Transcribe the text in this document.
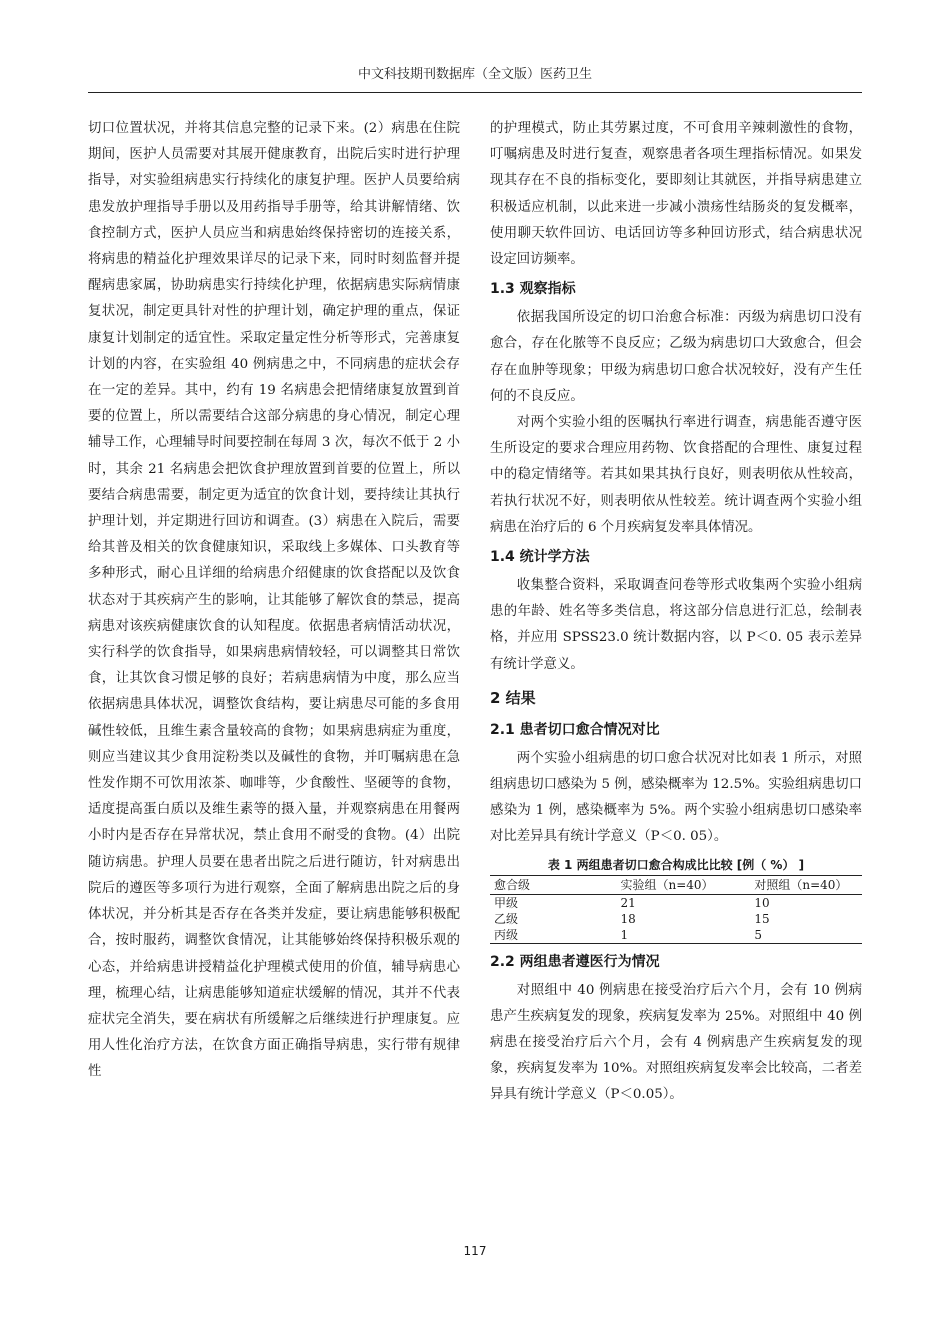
中文科技期刊数据库（全文版）医药卫生

切口位置状况，并将其信息完整的记录下来。(2）病患在住院期间，医护人员需要对其展开健康教育，出院后实时进行护理指导，对实验组病患实行持续化的康复护理。医护人员要给病患发放护理指导手册以及用药指导手册等，给其讲解情绪、饮食控制方式，医护人员应当和病患始终保持密切的连接关系，将病患的精益化护理效果详尽的记录下来，同时时刻监督并提醒病患家属，协助病患实行持续化护理，依据病患实际病情康复状况，制定更具针对性的护理计划，确定护理的重点，保证康复计划制定的适宜性。采取定量定性分析等形式，完善康复计划的内容，在实验组 40 例病患之中，不同病患的症状会存在一定的差异。其中，约有 19 名病患会把情绪康复放置到首要的位置上，所以需要结合这部分病患的身心情况，制定心理辅导工作，心理辅导时间要控制在每周 3 次，每次不低于 2 小时，其余 21 名病患会把饮食护理放置到首要的位置上，所以要结合病患需要，制定更为适宜的饮食计划，要持续让其执行护理计划，并定期进行回访和调查。(3）病患在入院后，需要给其普及相关的饮食健康知识，采取线上多媒体、口头教育等多种形式，耐心且详细的给病患介绍健康的饮食搭配以及饮食状态对于其疾病产生的影响，让其能够了解饮食的禁忌，提高病患对该疾病健康饮食的认知程度。依据患者病情活动状况，实行科学的饮食指导，如果病患病情较轻，可以调整其日常饮食，让其饮食习惯足够的良好；若病患病情为中度，那么应当依据病患具体状况，调整饮食结构，要让病患尽可能的多食用碱性较低，且维生素含量较高的食物；如果病患病症为重度，则应当建议其少食用淀粉类以及碱性的食物，并叮嘱病患在急性发作期不可饮用浓茶、咖啡等，少食酸性、坚硬等的食物，适度提高蛋白质以及维生素等的摄入量，并观察病患在用餐两小时内是否存在异常状况，禁止食用不耐受的食物。(4）出院随访病患。护理人员要在患者出院之后进行随访，针对病患出院后的遵医等多项行为进行观察，全面了解病患出院之后的身体状况，并分析其是否存在各类并发症，要让病患能够积极配合，按时服药，调整饮食情况，让其能够始终保持积极乐观的心态，并给病患讲授精益化护理模式使用的价值，辅导病患心理，梳理心结，让病患能够知道症状缓解的情况，其并不代表症状完全消失，要在病状有所缓解之后继续进行护理康复。应用人性化治疗方法，在饮食方面正确指导病患，实行带有规律性

的护理模式，防止其劳累过度，不可食用辛辣刺激性的食物，叮嘱病患及时进行复查，观察患者各项生理指标情况。如果发现其存在不良的指标变化，要即刻让其就医，并指导病患建立积极适应机制，以此来进一步减小溃疡性结肠炎的复发概率，使用聊天软件回访、电话回访等多种回访形式，结合病患状况设定回访频率。

1.3 观察指标

依据我国所设定的切口治愈合标准：丙级为病患切口没有愈合，存在化脓等不良反应；乙级为病患切口大致愈合，但会存在血肿等现象；甲级为病患切口愈合状况较好，没有产生任何的不良反应。

对两个实验小组的医嘱执行率进行调查，病患能否遵守医生所设定的要求合理应用药物、饮食搭配的合理性、康复过程中的稳定情绪等。若其如果其执行良好，则表明依从性较高，若执行状况不好，则表明依从性较差。统计调查两个实验小组病患在治疗后的 6 个月疾病复发率具体情况。

1.4 统计学方法

收集整合资料，采取调查问卷等形式收集两个实验小组病患的年龄、姓名等多类信息，将这部分信息进行汇总，绘制表格，并应用 SPSS23.0 统计数据内容，以 P＜0. 05 表示差异有统计学意义。

2 结果
2.1 患者切口愈合情况对比

两个实验小组病患的切口愈合状况对比如表 1 所示，对照组病患切口感染为 5 例，感染概率为 12.5%。实验组病患切口感染为 1 例，感染概率为 5%。两个实验小组病患切口感染率对比差异具有统计学意义（P＜0. 05）。

表 1 两组患者切口愈合构成比比较 [例（ %） ]
愈合级	实验组（n=40）	对照组（n=40）
甲级	21	10
乙级	18	15
丙级	1	5
2.2 两组患者遵医行为情况

对照组中 40 例病患在接受治疗后六个月，会有 10 例病患产生疾病复发的现象，疾病复发率为 25%。对照组中 40 例病患在接受治疗后六个月，会有 4 例病患产生疾病复发的现象，疾病复发率为 10%。对照组疾病复发率会比较高，二者差异具有统计学意义（P＜0.05）。

117
